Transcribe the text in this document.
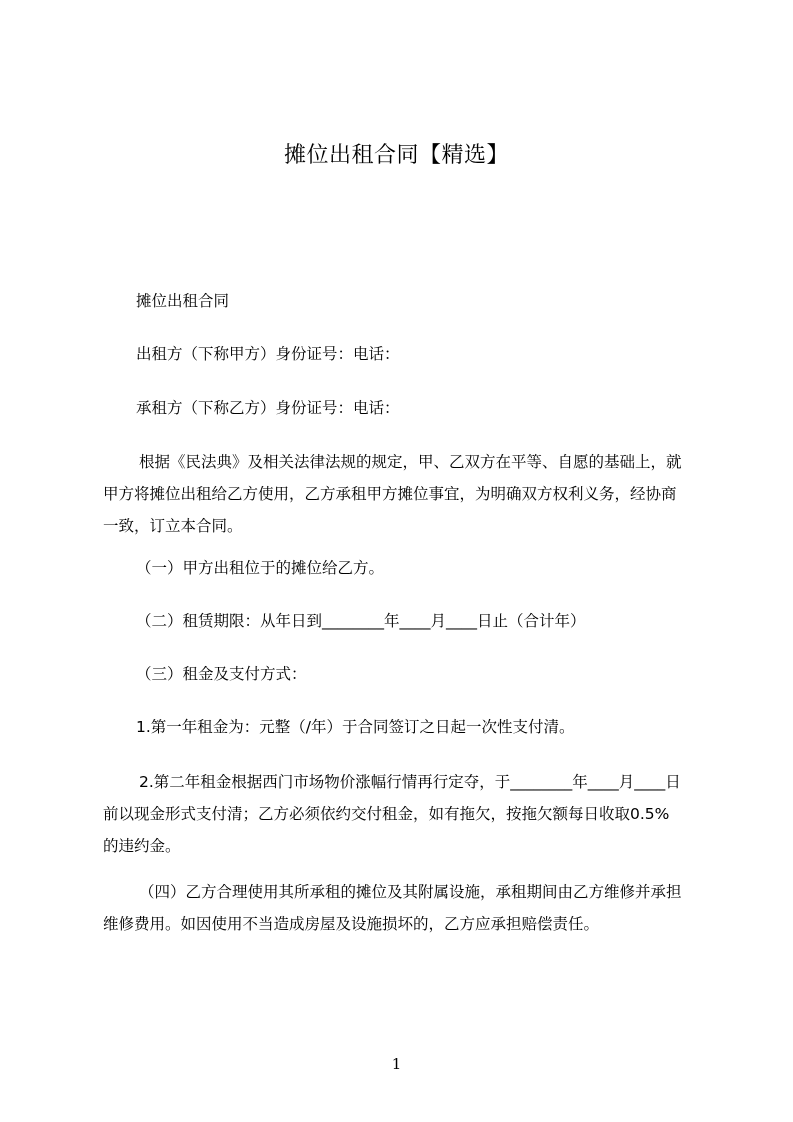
摊位出租合同【精选】
摊位出租合同
出租方（下称甲方）身份证号：电话：
承租方（下称乙方）身份证号：电话：
根据《民法典》及相关法律法规的规定，甲、乙双方在平等、自愿的基础上，就
甲方将摊位出租给乙方使用，乙方承租甲方摊位事宜，为明确双方权利义务，经协商
一致，订立本合同。
（一）甲方出租位于的摊位给乙方。
（二）租赁期限：从年日到________年____月____日止（合计年）
（三）租金及支付方式：
1.第一年租金为：元整（/年）于合同签订之日起一次性支付清。
2.第二年租金根据西门市场物价涨幅行情再行定夺，于________年____月____日
前以现金形式支付清；乙方必须依约交付租金，如有拖欠，按拖欠额每日收取0.5%
的违约金。
（四）乙方合理使用其所承租的摊位及其附属设施，承租期间由乙方维修并承担
维修费用。如因使用不当造成房屋及设施损坏的，乙方应承担赔偿责任。
1
